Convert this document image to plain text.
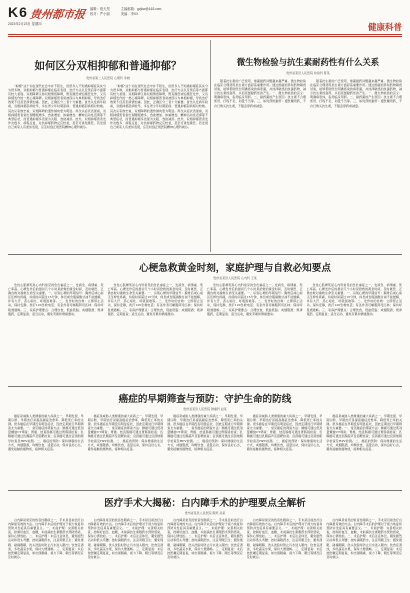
K6 贵州都市报
2023年2月23日 星期四
编辑：欧天昊	主编邮箱：gzjkw@163.com
校对：严小丽	美编：李XX
健康科普
如何区分双相抑郁和普通抑郁？
贵州省第二人民医院 心理科 李晓
“抑郁”这个词在现代社会中并不陌生，但很多人不知道抑郁症其实分为很多种，双相抑郁与普通抑郁在临床表现、治疗方法以及预后等方面都有较大差别。双相障碍又称双相情感障碍，既有躁狂或轻躁狂发作，又有抑郁发作的一类心境障碍。双相抑郁患者常被误诊为单相抑郁，导致治疗效果不佳甚至病情加重。因此，正确区分二者十分重要。首先从发病年龄看，双相抑郁起病较早，多在青少年时期起病；普通抑郁起病相对较晚。其次从家族史看，双相障碍的遗传倾向更为明显。再次从症状表现看，双相抑郁患者常出现睡眠增多、食欲增加、体重增加、精神运动性迟滞等不典型症状，而普通抑郁多表现为失眠、食欲减退。此外，双相抑郁患者发作次数多、病程反复，对抗抑郁药物反应较差，甚至可诱发躁狂。若发现自己或家人有类似表现，应及时到正规医院精神心理科就诊。
“抑郁”这个词在现代社会中并不陌生，但很多人不知道抑郁症其实分为很多种，双相抑郁与普通抑郁在临床表现、治疗方法以及预后等方面都有较大差别。双相障碍又称双相情感障碍，既有躁狂或轻躁狂发作，又有抑郁发作的一类心境障碍。双相抑郁患者常被误诊为单相抑郁，导致治疗效果不佳甚至病情加重。因此，正确区分二者十分重要。首先从发病年龄看，双相抑郁起病较早，多在青少年时期起病；普通抑郁起病相对较晚。其次从家族史看，双相障碍的遗传倾向更为明显。再次从症状表现看，双相抑郁患者常出现睡眠增多、食欲增加、体重增加、精神运动性迟滞等不典型症状，而普通抑郁多表现为失眠、食欲减退。此外，双相抑郁患者发作次数多、病程反复，对抗抑郁药物反应较差，甚至可诱发躁狂。若发现自己或家人有类似表现，应及时到正规医院精神心理科就诊。
微生物检验与抗生素耐药性有什么关系
贵州省某县人民医院 检验科 陈某
随着抗生素的广泛使用，细菌耐药问题越来越严重。微生物检验在临床合理使用抗生素方面起着重要作用。通过细菌培养和药物敏感试验，能够帮助医生明确感染的病原菌，并选择敏感的抗菌药物，减少抗生素的滥用，从而延缓耐药性的产生。一、微生物检验的意义：明确病原体，指导临床用药。二、耐药菌的产生原因：抗生素不合理使用、疗程不足、剂量不当等。三、如何预防耐药：遵医嘱用药，不自行购买抗生素，不随意停药或减量。
随着抗生素的广泛使用，细菌耐药问题越来越严重。微生物检验在临床合理使用抗生素方面起着重要作用。通过细菌培养和药物敏感试验，能够帮助医生明确感染的病原菌，并选择敏感的抗菌药物，减少抗生素的滥用，从而延缓耐药性的产生。一、微生物检验的意义：明确病原体，指导临床用药。二、耐药菌的产生原因：抗生素不合理使用、疗程不足、剂量不当等。三、如何预防耐药：遵医嘱用药，不自行购买抗生素，不随意停药或减量。
心梗急救黄金时刻，家庭护理与自救必知要点
贵州省某县人民医院 心内科 王某
急性心肌梗死是心内科常见的急危重症之一，发病急、病情重、死亡率高。心梗发作后的最初几个小时是抢救的黄金时间，及时就医、正确自救对挽救生命至关重要。一、识别心梗的早期信号：胸骨后或心前区压榨性疼痛，持续时间超过15分钟，休息或含服硝酸甘油不能缓解，伴有大汗、恶心呕吐、呼吸困难等。二、发作时的自救：立即停止活动，保持安静，拨打120急救电话；有条件者可嚼服阿司匹林；保持呼吸道通畅。三、家庭护理要点：合理饮食，低盐低脂；戒烟限酒；规律服药，定期复查；适当运动，避免劳累和情绪激动。
急性心肌梗死是心内科常见的急危重症之一，发病急、病情重、死亡率高。心梗发作后的最初几个小时是抢救的黄金时间，及时就医、正确自救对挽救生命至关重要。一、识别心梗的早期信号：胸骨后或心前区压榨性疼痛，持续时间超过15分钟，休息或含服硝酸甘油不能缓解，伴有大汗、恶心呕吐、呼吸困难等。二、发作时的自救：立即停止活动，保持安静，拨打120急救电话；有条件者可嚼服阿司匹林；保持呼吸道通畅。三、家庭护理要点：合理饮食，低盐低脂；戒烟限酒；规律服药，定期复查；适当运动，避免劳累和情绪激动。
急性心肌梗死是心内科常见的急危重症之一，发病急、病情重、死亡率高。心梗发作后的最初几个小时是抢救的黄金时间，及时就医、正确自救对挽救生命至关重要。一、识别心梗的早期信号：胸骨后或心前区压榨性疼痛，持续时间超过15分钟，休息或含服硝酸甘油不能缓解，伴有大汗、恶心呕吐、呼吸困难等。二、发作时的自救：立即停止活动，保持安静，拨打120急救电话；有条件者可嚼服阿司匹林；保持呼吸道通畅。三、家庭护理要点：合理饮食，低盐低脂；戒烟限酒；规律服药，定期复查；适当运动，避免劳累和情绪激动。
急性心肌梗死是心内科常见的急危重症之一，发病急、病情重、死亡率高。心梗发作后的最初几个小时是抢救的黄金时间，及时就医、正确自救对挽救生命至关重要。一、识别心梗的早期信号：胸骨后或心前区压榨性疼痛，持续时间超过15分钟，休息或含服硝酸甘油不能缓解，伴有大汗、恶心呕吐、呼吸困难等。二、发作时的自救：立即停止活动，保持安静，拨打120急救电话；有条件者可嚼服阿司匹林；保持呼吸道通畅。三、家庭护理要点：合理饮食，低盐低脂；戒烟限酒；规律服药，定期复查；适当运动，避免劳累和情绪激动。
癌症的早期筛查与预防：守护生命的防线
贵州省某县人民医院 肿瘤科 赵某
癌症是威胁人类健康的重大疾病之一，早期发现、早期诊断、早期治疗是提高癌症治愈率、降低死亡率的关键。很多癌症在早期没有明显症状，因此定期进行早期筛查尤为重要。一、常见癌症的筛查方法：肺癌可通过低剂量螺旋CT筛查；胃癌、结直肠癌可通过胃肠镜检查；乳腺癌可通过乳腺超声及钼靶检查；宫颈癌可通过宫颈细胞学检查及HPV检测。二、癌症的预防：保持健康的生活方式，戒烟限酒，均衡饮食，适量运动，保持良好心态，避免接触致癌物质，接种相关疫苗。
癌症是威胁人类健康的重大疾病之一，早期发现、早期诊断、早期治疗是提高癌症治愈率、降低死亡率的关键。很多癌症在早期没有明显症状，因此定期进行早期筛查尤为重要。一、常见癌症的筛查方法：肺癌可通过低剂量螺旋CT筛查；胃癌、结直肠癌可通过胃肠镜检查；乳腺癌可通过乳腺超声及钼靶检查；宫颈癌可通过宫颈细胞学检查及HPV检测。二、癌症的预防：保持健康的生活方式，戒烟限酒，均衡饮食，适量运动，保持良好心态，避免接触致癌物质，接种相关疫苗。
癌症是威胁人类健康的重大疾病之一，早期发现、早期诊断、早期治疗是提高癌症治愈率、降低死亡率的关键。很多癌症在早期没有明显症状，因此定期进行早期筛查尤为重要。一、常见癌症的筛查方法：肺癌可通过低剂量螺旋CT筛查；胃癌、结直肠癌可通过胃肠镜检查；乳腺癌可通过乳腺超声及钼靶检查；宫颈癌可通过宫颈细胞学检查及HPV检测。二、癌症的预防：保持健康的生活方式，戒烟限酒，均衡饮食，适量运动，保持良好心态，避免接触致癌物质，接种相关疫苗。
癌症是威胁人类健康的重大疾病之一，早期发现、早期诊断、早期治疗是提高癌症治愈率、降低死亡率的关键。很多癌症在早期没有明显症状，因此定期进行早期筛查尤为重要。一、常见癌症的筛查方法：肺癌可通过低剂量螺旋CT筛查；胃癌、结直肠癌可通过胃肠镜检查；乳腺癌可通过乳腺超声及钼靶检查；宫颈癌可通过宫颈细胞学检查及HPV检测。二、癌症的预防：保持健康的生活方式，戒烟限酒，均衡饮食，适量运动，保持良好心态，避免接触致癌物质，接种相关疫苗。
癌症是威胁人类健康的重大疾病之一，早期发现、早期诊断、早期治疗是提高癌症治愈率、降低死亡率的关键。很多癌症在早期没有明显症状，因此定期进行早期筛查尤为重要。一、常见癌症的筛查方法：肺癌可通过低剂量螺旋CT筛查；胃癌、结直肠癌可通过胃肠镜检查；乳腺癌可通过乳腺超声及钼靶检查；宫颈癌可通过宫颈细胞学检查及HPV检测。二、癌症的预防：保持健康的生活方式，戒烟限酒，均衡饮食，适量运动，保持良好心态，避免接触致癌物质，接种相关疫苗。
医疗手术大揭秘：白内障手术的护理要点全解析
贵州省某县人民医院 眼科 孙某
白内障是常见的致盲性眼病之一，手术是目前治疗白内障最有效的方法。白内障手术后的护理对于视力恢复和预防并发症具有重要意义。一、术前护理：完善相关检查，控制好血压、血糖，术前滴抗生素眼药水预防感染，保持心情放松。二、术后护理：术后注意休息，避免剧烈运动和低头弯腰；按时滴眼药水，注意用眼卫生；避免揉眼、碰撞眼睛，洗头洗脸时防止污水进入眼内；饮食宜清淡，多吃蔬菜水果，保持大便通畅。三、定期复查：术后按医嘱定期复查，如出现眼痛、视力下降、眼红等情况应及时就诊。
白内障是常见的致盲性眼病之一，手术是目前治疗白内障最有效的方法。白内障手术后的护理对于视力恢复和预防并发症具有重要意义。一、术前护理：完善相关检查，控制好血压、血糖，术前滴抗生素眼药水预防感染，保持心情放松。二、术后护理：术后注意休息，避免剧烈运动和低头弯腰；按时滴眼药水，注意用眼卫生；避免揉眼、碰撞眼睛，洗头洗脸时防止污水进入眼内；饮食宜清淡，多吃蔬菜水果，保持大便通畅。三、定期复查：术后按医嘱定期复查，如出现眼痛、视力下降、眼红等情况应及时就诊。
白内障是常见的致盲性眼病之一，手术是目前治疗白内障最有效的方法。白内障手术后的护理对于视力恢复和预防并发症具有重要意义。一、术前护理：完善相关检查，控制好血压、血糖，术前滴抗生素眼药水预防感染，保持心情放松。二、术后护理：术后注意休息，避免剧烈运动和低头弯腰；按时滴眼药水，注意用眼卫生；避免揉眼、碰撞眼睛，洗头洗脸时防止污水进入眼内；饮食宜清淡，多吃蔬菜水果，保持大便通畅。三、定期复查：术后按医嘱定期复查，如出现眼痛、视力下降、眼红等情况应及时就诊。
白内障是常见的致盲性眼病之一，手术是目前治疗白内障最有效的方法。白内障手术后的护理对于视力恢复和预防并发症具有重要意义。一、术前护理：完善相关检查，控制好血压、血糖，术前滴抗生素眼药水预防感染，保持心情放松。二、术后护理：术后注意休息，避免剧烈运动和低头弯腰；按时滴眼药水，注意用眼卫生；避免揉眼、碰撞眼睛，洗头洗脸时防止污水进入眼内；饮食宜清淡，多吃蔬菜水果，保持大便通畅。三、定期复查：术后按医嘱定期复查，如出现眼痛、视力下降、眼红等情况应及时就诊。
白内障是常见的致盲性眼病之一，手术是目前治疗白内障最有效的方法。白内障手术后的护理对于视力恢复和预防并发症具有重要意义。一、术前护理：完善相关检查，控制好血压、血糖，术前滴抗生素眼药水预防感染，保持心情放松。二、术后护理：术后注意休息，避免剧烈运动和低头弯腰；按时滴眼药水，注意用眼卫生；避免揉眼、碰撞眼睛，洗头洗脸时防止污水进入眼内；饮食宜清淡，多吃蔬菜水果，保持大便通畅。三、定期复查：术后按医嘱定期复查，如出现眼痛、视力下降、眼红等情况应及时就诊。
